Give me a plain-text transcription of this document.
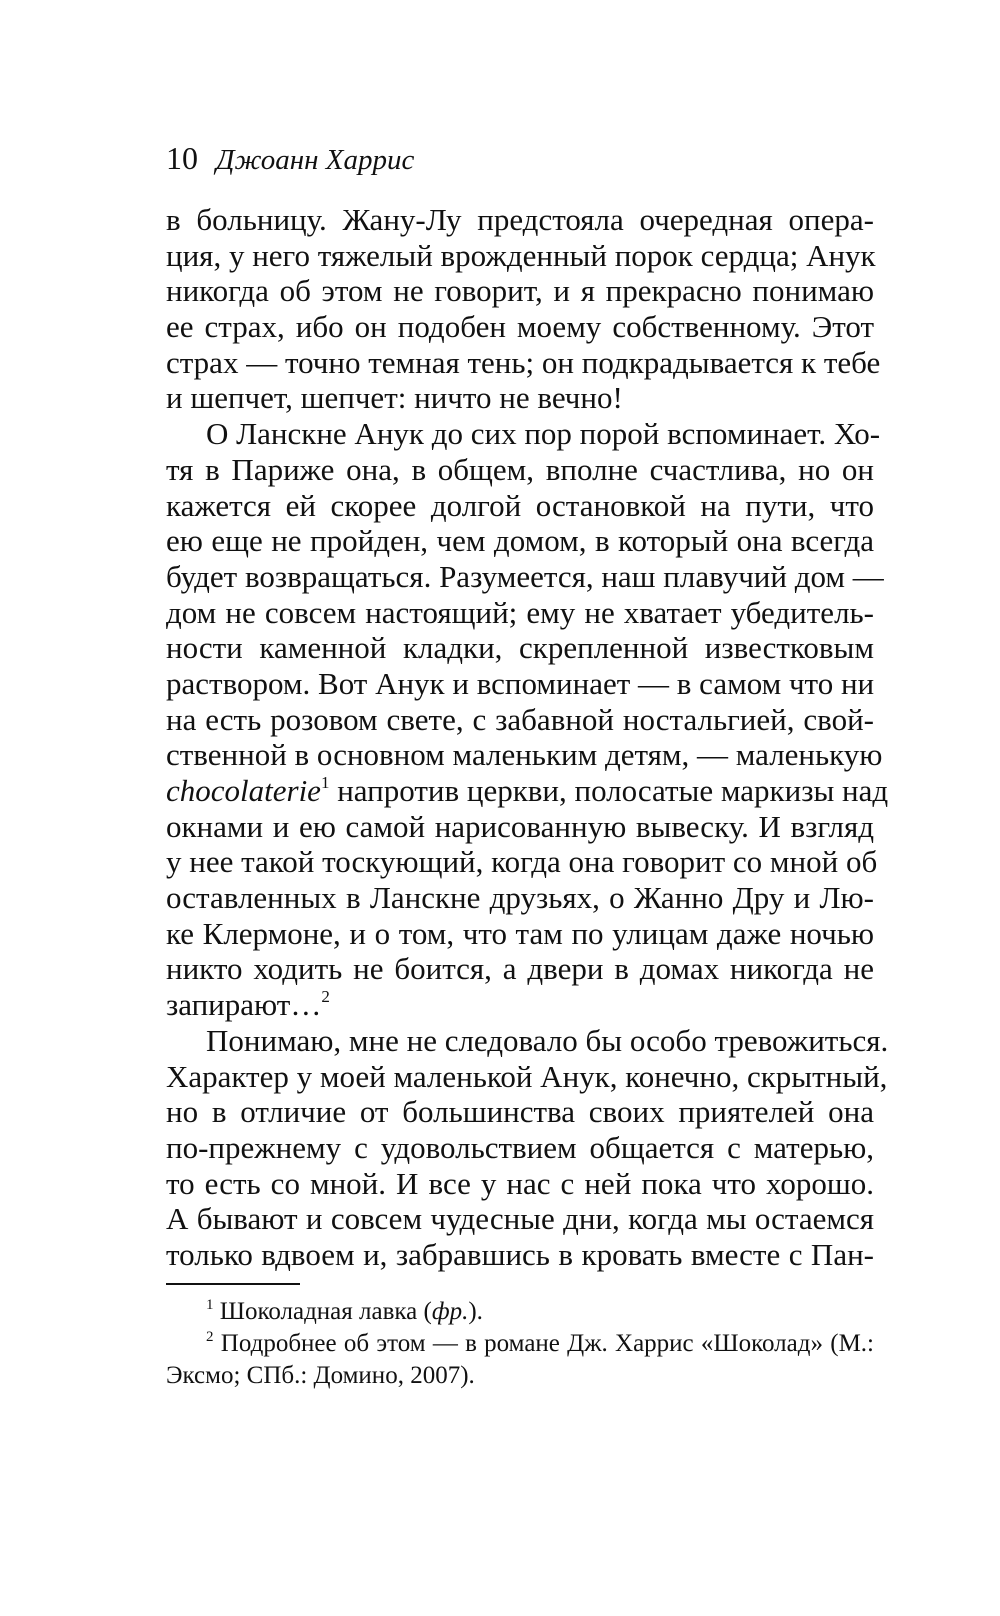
10 Джоанн Харрис
в больницу. Жану-Лу предстояла очередная опера-
ция, у него тяжелый врожденный порок сердца; Анук
никогда об этом не говорит, и я прекрасно понимаю
ее страх, ибо он подобен моему собственному. Этот
страх — точно темная тень; он подкрадывается к тебе
и шепчет, шепчет: ничто не вечно!
О Ланскне Анук до сих пор порой вспоминает. Хо-
тя в Париже она, в общем, вполне счастлива, но он
кажется ей скорее долгой остановкой на пути, что
ею еще не пройден, чем домом, в который она всегда
будет возвращаться. Разумеется, наш плавучий дом —
дом не совсем настоящий; ему не хватает убедитель-
ности каменной кладки, скрепленной известковым
раствором. Вот Анук и вспоминает — в самом что ни
на есть розовом свете, с забавной ностальгией, свой-
ственной в основном маленьким детям, — маленькую
chocolaterie$^1$ напротив церкви, полосатые маркизы над
окнами и ею самой нарисованную вывеску. И взгляд
у нее такой тоскующий, когда она говорит со мной об
оставленных в Ланскне друзьях, о Жанно Дру и Лю-
ке Клермоне, и о том, что там по улицам даже ночью
никто ходить не боится, а двери в домах никогда не
запирают…$^2$
Понимаю, мне не следовало бы особо тревожиться.
Характер у моей маленькой Анук, конечно, скрытный,
но в отличие от большинства своих приятелей она
по-прежнему с удовольствием общается с матерью,
то есть со мной. И все у нас с ней пока что хорошо.
А бывают и совсем чудесные дни, когда мы остаемся
только вдвоем и, забравшись в кровать вместе с Пан-
$^1$ Шоколадная лавка (фр.).
$^2$ Подробнее об этом — в романе Дж. Харрис «Шоколад» (М.:
Эксмо; СПб.: Домино, 2007).
